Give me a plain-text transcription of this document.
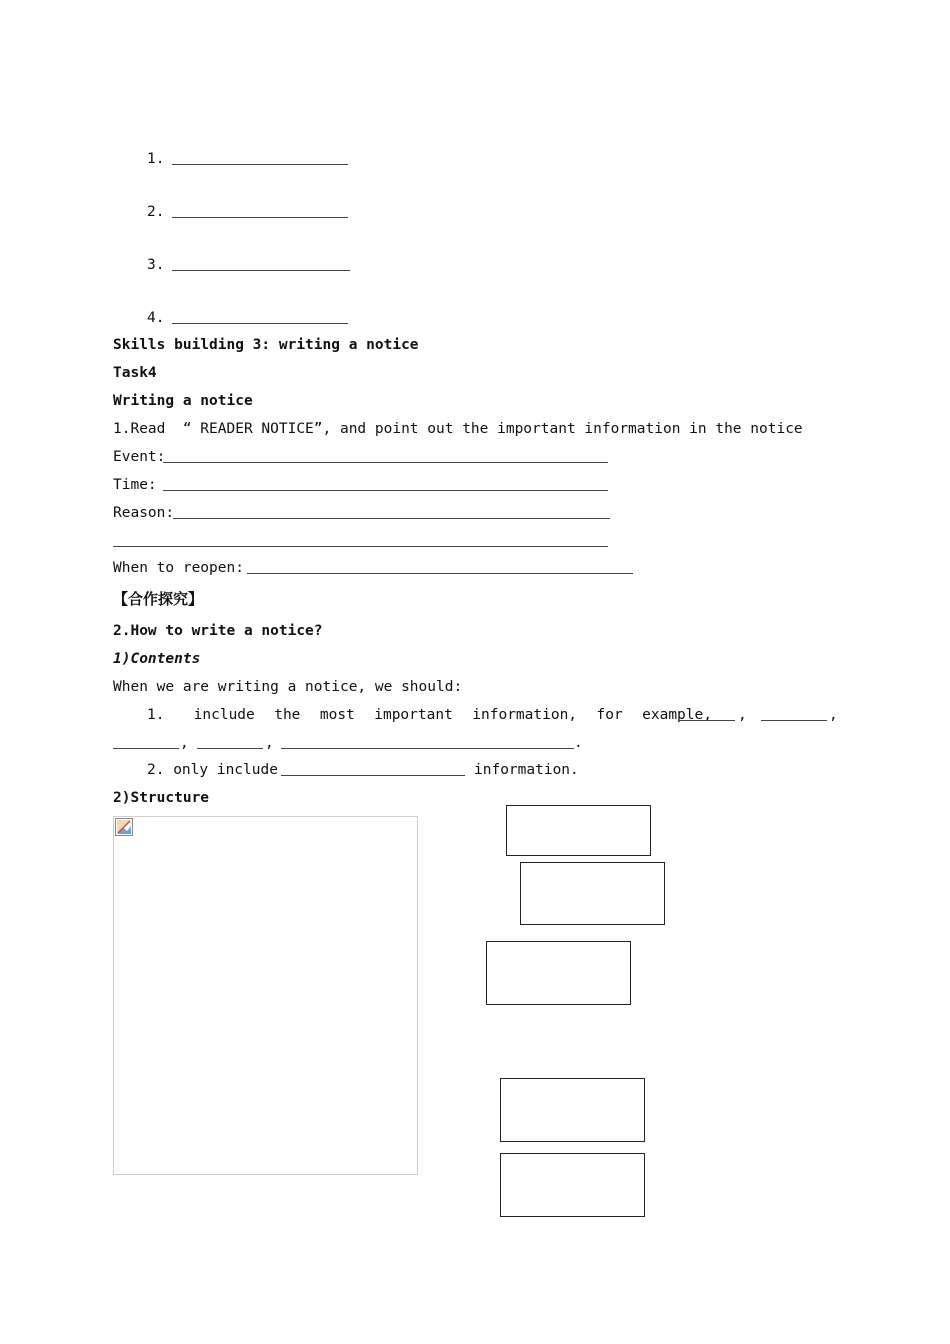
1.
2.
3.
4.
Skills building 3: writing a notice
Task4
Writing a notice
1.Read  “ READER NOTICE”, and point out the important information in the notice
Event:
Time:
Reason:
When to reopen:
【合作探究】
2.How to write a notice?
1)Contents
When we are writing a notice, we should:
1.   include  the  most  important  information,  for  example, ,	,
,	,	.
2. only include	information.
2)Structure
